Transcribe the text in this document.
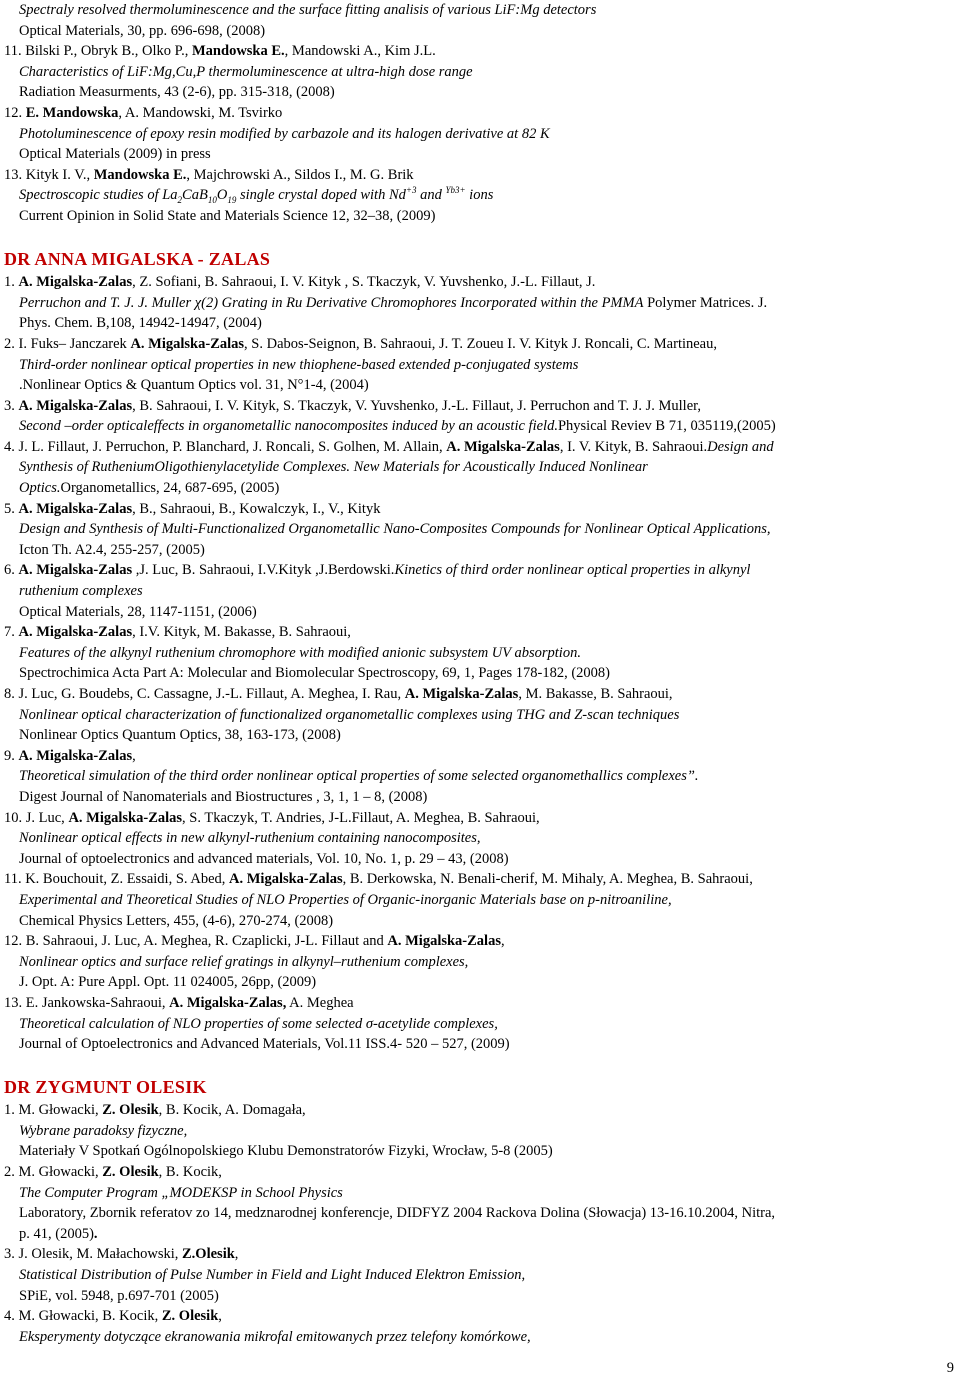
Spectraly resolved thermoluminescence and the surface fitting analisis of various LiF:Mg detectors
Optical Materials, 30, pp. 696-698, (2008)
11. Bilski P., Obryk B., Olko P., Mandowska E., Mandowski A., Kim J.L.
Characteristics of LiF:Mg,Cu,P thermoluminescence at ultra-high dose range
Radiation Measurments, 43 (2-6), pp. 315-318, (2008)
12. E. Mandowska, A. Mandowski, M. Tsvirko
Photoluminescence of epoxy resin modified by carbazole and its halogen derivative at 82 K
Optical Materials (2009) in press
13. Kityk I. V., Mandowska E., Majchrowski A., Sildos I., M. G. Brik
Spectroscopic studies of $La_2CaB_{10}O_{19}$ single crystal doped with $Nd^{+3}$ and $^{Yb3+}$ ions
Current Opinion in Solid State and Materials Science 12, 32–38, (2009)
DR ANNA MIGALSKA - ZALAS
1. A. Migalska-Zalas, Z. Sofiani, B. Sahraoui, I. V. Kityk , S. Tkaczyk, V. Yuvshenko, J.-L. Fillaut, J.
Perruchon and T. J. J. Muller χ(2) Grating in Ru Derivative Chromophores Incorporated within the PMMA Polymer Matrices. J.
Phys. Chem. B,108, 14942-14947, (2004)
2. I. Fuks– Janczarek A. Migalska-Zalas, S. Dabos-Seignon, B. Sahraoui, J. T. Zoueu I. V. Kityk J. Roncali, C. Martineau,
Third-order nonlinear optical properties in new thiophene-based extended p-conjugated systems
.Nonlinear Optics & Quantum Optics vol. 31, N°1-4, (2004)
3. A. Migalska-Zalas, B. Sahraoui, I. V. Kityk, S. Tkaczyk, V. Yuvshenko, J.-L. Fillaut, J. Perruchon and T. J. J. Muller,
Second –order opticaleffects in organometallic nanocomposites induced by an acoustic field.Physical Reviev B 71, 035119,(2005)
4. J. L. Fillaut, J. Perruchon, P. Blanchard, J. Roncali, S. Golhen, M. Allain, A. Migalska-Zalas, I. V. Kityk, B. Sahraoui.Design and
Synthesis of RutheniumOligothienylacetylide Complexes. New Materials for Acoustically Induced Nonlinear
Optics.Organometallics, 24, 687-695, (2005)
5. A. Migalska-Zalas, B., Sahraoui, B., Kowalczyk, I., V., Kityk
Design and Synthesis of Multi-Functionalized Organometallic Nano-Composites Compounds for Nonlinear Optical Applications,
Icton Th. A2.4, 255-257, (2005)
6. A. Migalska-Zalas ,J. Luc, B. Sahraoui, I.V.Kityk ,J.Berdowski.Kinetics of third order nonlinear optical properties in alkynyl
ruthenium complexes
Optical Materials, 28, 1147-1151, (2006)
7. A. Migalska-Zalas, I.V. Kityk, M. Bakasse, B. Sahraoui,
Features of the alkynyl ruthenium chromophore with modified anionic subsystem UV absorption.
Spectrochimica Acta Part A: Molecular and Biomolecular Spectroscopy, 69, 1, Pages 178-182, (2008)
8. J. Luc, G. Boudebs, C. Cassagne, J.-L. Fillaut, A. Meghea, I. Rau, A. Migalska-Zalas, M. Bakasse, B. Sahraoui,
Nonlinear optical characterization of functionalized organometallic complexes using THG and Z-scan techniques
Nonlinear Optics Quantum Optics, 38, 163-173, (2008)
9. A. Migalska-Zalas,
Theoretical simulation of the third order nonlinear optical properties of some selected organomethallics complexes”.
Digest Journal of Nanomaterials and Biostructures , 3, 1, 1 – 8, (2008)
10. J. Luc, A. Migalska-Zalas, S. Tkaczyk, T. Andries, J-L.Fillaut, A. Meghea, B. Sahraoui,
Nonlinear optical effects in new alkynyl-ruthenium containing nanocomposites,
Journal of optoelectronics and advanced materials, Vol. 10, No. 1, p. 29 – 43, (2008)
11. K. Bouchouit, Z. Essaidi, S. Abed, A. Migalska-Zalas, B. Derkowska, N. Benali-cherif, M. Mihaly, A. Meghea, B. Sahraoui,
Experimental and Theoretical Studies of NLO Properties of Organic-inorganic Materials base on p-nitroaniline,
Chemical Physics Letters, 455, (4-6), 270-274, (2008)
12. B. Sahraoui, J. Luc, A. Meghea, R. Czaplicki, J-L. Fillaut and A. Migalska-Zalas,
Nonlinear optics and surface relief gratings in alkynyl–ruthenium complexes,
J. Opt. A: Pure Appl. Opt. 11 024005, 26pp, (2009)
13. E. Jankowska-Sahraoui, A. Migalska-Zalas, A. Meghea
Theoretical calculation of NLO properties of some selected σ-acetylide complexes,
Journal of Optoelectronics and Advanced Materials, Vol.11 ISS.4- 520 – 527, (2009)
DR ZYGMUNT OLESIK
1. M. Głowacki, Z. Olesik, B. Kocik, A. Domagała,
Wybrane paradoksy fizyczne,
Materiały V Spotkań Ogólnopolskiego Klubu Demonstratorów Fizyki, Wrocław, 5-8 (2005)
2. M. Głowacki, Z. Olesik, B. Kocik,
The Computer Program „MODEKSP in School Physics
Laboratory, Zbornik referatov zo 14, medznarodnej konferencje, DIDFYZ 2004 Rackova Dolina (Słowacja) 13-16.10.2004, Nitra,
p. 41, (2005).
3. J. Olesik, M. Małachowski, Z.Olesik,
Statistical Distribution of Pulse Number in Field and Light Induced Elektron Emission,
SPiE, vol. 5948, p.697-701 (2005)
4. M. Głowacki, B. Kocik, Z. Olesik,
Eksperymenty dotyczące ekranowania mikrofal emitowanych przez telefony komórkowe,
9
